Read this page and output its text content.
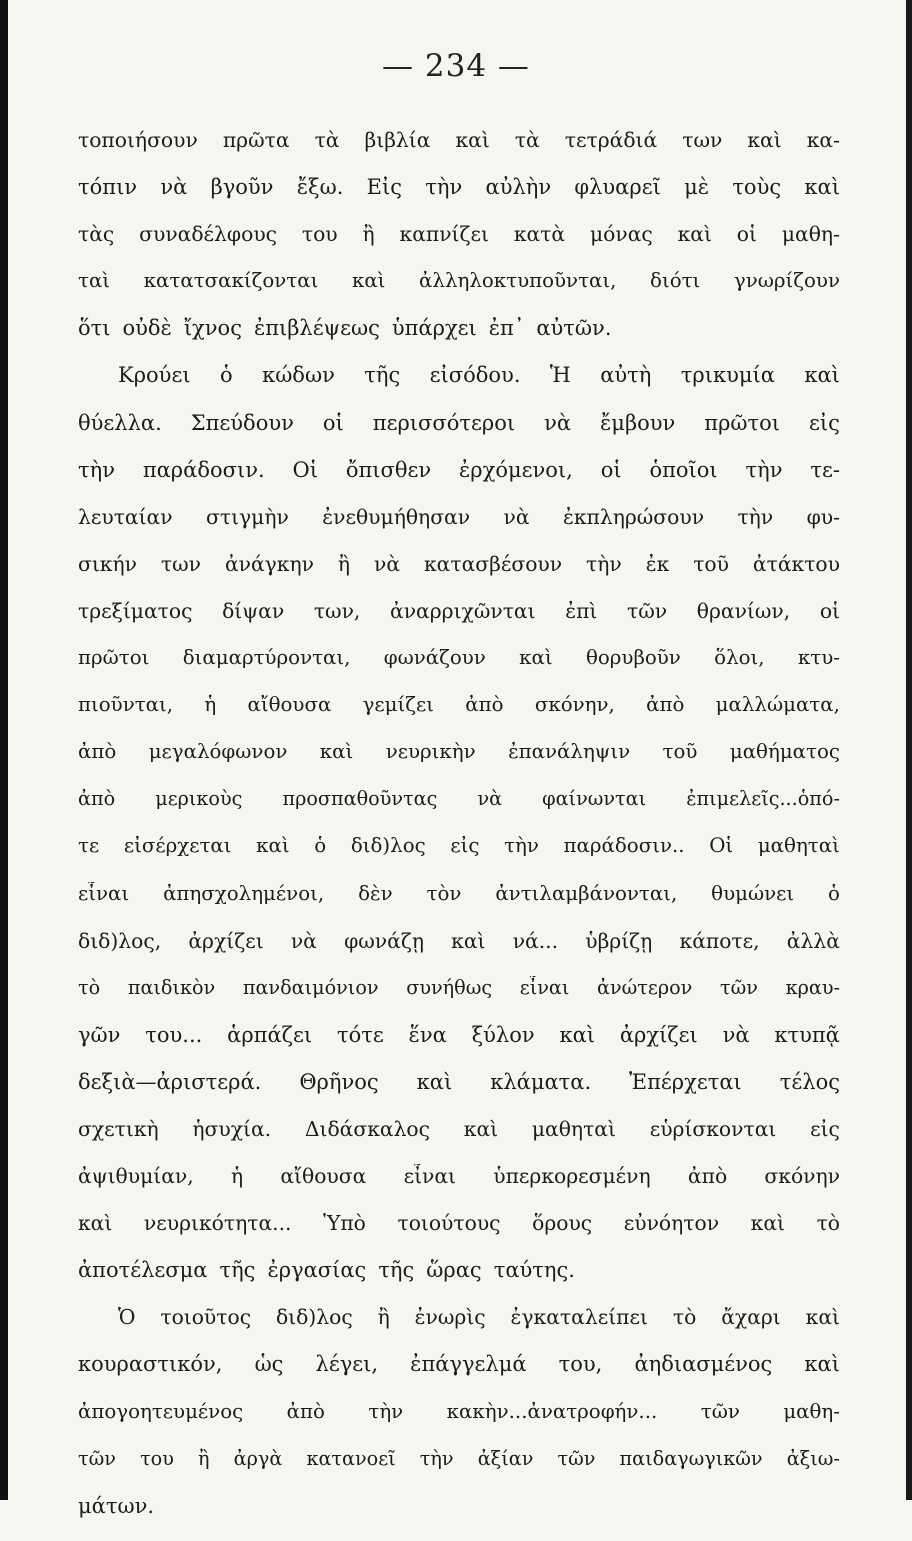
— 234 —
τοποιήσουν πρῶτα τὰ βιβλία καὶ τὰ τετράδιά των καὶ κα-
τόπιν νὰ βγοῦν ἔξω. Εἰς τὴν αὐλὴν φλυαρεῖ μὲ τοὺς καὶ
τὰς συναδέλφους του ἢ καπνίζει κατὰ μόνας καὶ οἱ μαθη-
ταὶ κατατσακίζονται καὶ ἀλληλοκτυποῦνται, διότι γνωρίζουν
ὅτι οὐδὲ ἴχνος ἐπιβλέψεως ὑπάρχει ἐπ᾿ αὐτῶν.
Κρούει ὁ κώδων τῆς εἰσόδου. Ἡ αὐτὴ τρικυμία καὶ
θύελλα. Σπεύδουν οἱ περισσότεροι νὰ ἔμβουν πρῶτοι εἰς
τὴν παράδοσιν. Οἱ ὄπισθεν ἐρχόμενοι, οἱ ὁποῖοι τὴν τε-
λευταίαν στιγμὴν ἐνεθυμήθησαν νὰ ἐκπληρώσουν τὴν φυ-
σικήν των ἀνάγκην ἢ νὰ κατασβέσουν τὴν ἐκ τοῦ ἀτάκτου
τρεξίματος δίψαν των, ἀναρριχῶνται ἐπὶ τῶν θρανίων, οἱ
πρῶτοι διαμαρτύρονται, φωνάζουν καὶ θορυβοῦν ὅλοι, κτυ-
πιοῦνται, ἡ αἴθουσα γεμίζει ἀπὸ σκόνην, ἀπὸ μαλλώματα,
ἀπὸ μεγαλόφωνον καὶ νευρικὴν ἐπανάληψιν τοῦ μαθήματος
ἀπὸ μερικοὺς προσπαθοῦντας νὰ φαίνωνται ἐπιμελεῖς...ὁπό-
τε εἰσέρχεται καὶ ὁ διδ)λος εἰς τὴν παράδοσιν.. Οἱ μαθηταὶ
εἶναι ἀπησχολημένοι, δὲν τὸν ἀντιλαμβάνονται, θυμώνει ὁ
διδ)λος, ἀρχίζει νὰ φωνάζῃ καὶ νά... ὑβρίζῃ κάποτε, ἀλλὰ
τὸ παιδικὸν πανδαιμόνιον συνήθως εἶναι ἀνώτερον τῶν κραυ-
γῶν του... ἁρπάζει τότε ἕνα ξύλον καὶ ἀρχίζει νὰ κτυπᾷ
δεξιὰ—ἀριστερά. Θρῆνος καὶ κλάματα. Ἐπέρχεται τέλος
σχετικὴ ἡσυχία. Διδάσκαλος καὶ μαθηταὶ εὑρίσκονται εἰς
ἀψιθυμίαν, ἡ αἴθουσα εἶναι ὑπερκορεσμένη ἀπὸ σκόνην
καὶ νευρικότητα... Ὑπὸ τοιούτους ὅρους εὐνόητον καὶ τὸ
ἀποτέλεσμα τῆς ἐργασίας τῆς ὥρας ταύτης.
Ὁ τοιοῦτος διδ)λος ἢ ἐνωρὶς ἐγκαταλείπει τὸ ἄχαρι καὶ
κουραστικόν, ὡς λέγει, ἐπάγγελμά του, ἀηδιασμένος καὶ
ἀπογοητευμένος ἀπὸ τὴν κακὴν...ἀνατροφήν... τῶν μαθη-
τῶν του ἢ ἀργὰ κατανοεῖ τὴν ἀξίαν τῶν παιδαγωγικῶν ἀξιω-
μάτων.
